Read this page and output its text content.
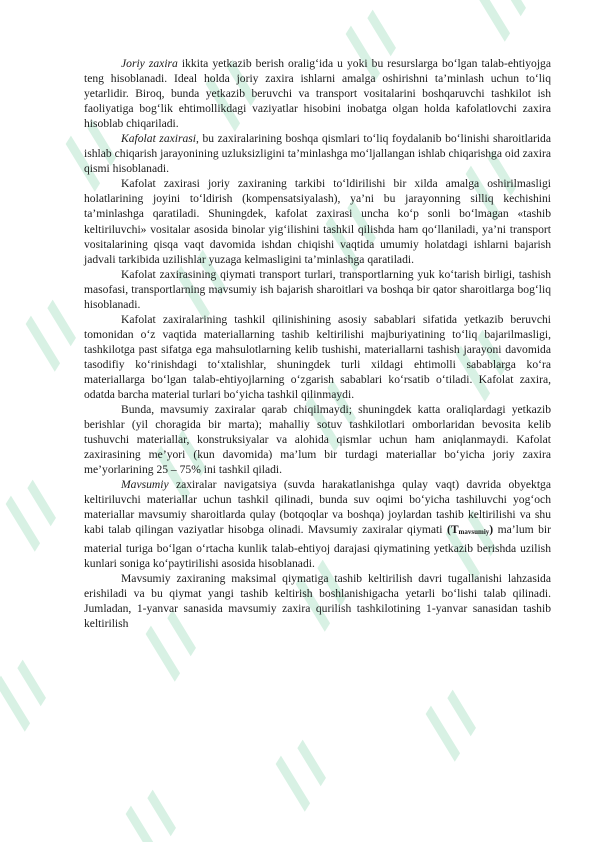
Joriy zaxira ikkita yetkazib berish oralig‘ida u yoki bu resurslarga bo‘lgan talab-ehtiyojga teng hisoblanadi. Ideal holda joriy zaxira ishlarni amalga oshirishni ta’minlash uchun to‘liq yetarlidir. Biroq, bunda yetkazib beruvchi va transport vositalarini boshqaruvchi tashkilot ish faoliyatiga bog‘lik ehtimollikdagi vaziyatlar hisobini inobatga olgan holda kafolatlovchi zaxira hisoblab chiqariladi.

Kafolat zaxirasi, bu zaxiralarining boshqa qismlari to‘liq foydalanib bo‘linishi sharoitlarida ishlab chiqarish jarayonining uzluksizligini ta’minlashga mo‘ljallangan ishlab chiqarishga oid zaxira qismi hisoblanadi.

Kafolat zaxirasi joriy zaxiraning tarkibi to‘ldirilishi bir xilda amalga oshirilmasligi holatlarining joyini to‘ldirish (kompensatsiyalash), ya’ni bu jarayonning silliq kechishini ta’minlashga qaratiladi. Shuningdek, kafolat zaxirasi uncha ko‘p sonli bo‘lmagan «tashib keltiriluvchi» vositalar asosida binolar yig‘ilishini tashkil qilishda ham qo‘llaniladi, ya’ni transport vositalarining qisqa vaqt davomida ishdan chiqishi vaqtida umumiy holatdagi ishlarni bajarish jadvali tarkibida uzilishlar yuzaga kelmasligini ta’minlashga qaratiladi.

Kafolat zaxirasining qiymati transport turlari, transportlarning yuk ko‘tarish birligi, tashish masofasi, transportlarning mavsumiy ish bajarish sharoitlari va boshqa bir qator sharoitlarga bog‘liq hisoblanadi.

Kafolat zaxiralarining tashkil qilinishining asosiy sabablari sifatida yetkazib beruvchi tomonidan o‘z vaqtida materiallarning tashib keltirilishi majburiyatining to‘liq bajarilmasligi, tashkilotga past sifatga ega mahsulotlarning kelib tushishi, materiallarni tashish jarayoni davomida tasodifiy ko‘rinishdagi to‘xtalishlar, shuningdek turli xildagi ehtimolli sabablarga ko‘ra materiallarga bo‘lgan talab-ehtiyojlarning o‘zgarish sabablari ko‘rsatib o‘tiladi. Kafolat zaxira, odatda barcha material turlari bo‘yicha tashkil qilinmaydi.

Bunda, mavsumiy zaxiralar qarab chiqilmaydi; shuningdek katta oraliqlardagi yetkazib berishlar (yil choragida bir marta); mahalliy sotuv tashkilotlari omborlaridan bevosita kelib tushuvchi materiallar, konstruksiyalar va alohida qismlar uchun ham aniqlanmaydi. Kafolat zaxirasining me’yori (kun davomida) ma’lum bir turdagi materiallar bo‘yicha joriy zaxira me’yorlarining 25 – 75% ini tashkil qiladi.

Mavsumiy zaxiralar navigatsiya (suvda harakatlanishga qulay vaqt) davrida obyektga keltiriluvchi materiallar uchun tashkil qilinadi, bunda suv oqimi bo‘yicha tashiluvchi yog‘och materiallar mavsumiy sharoitlarda qulay (botqoqlar va boshqa) joylardan tashib keltirilishi va shu kabi talab qilingan vaziyatlar hisobga olinadi. Mavsumiy zaxiralar qiymati (Tmavsumiy) ma’lum bir material turiga bo‘lgan o‘rtacha kunlik talab-ehtiyoj darajasi qiymatining yetkazib berishda uzilish kunlari soniga ko‘paytirilishi asosida hisoblanadi.

Mavsumiy zaxiraning maksimal qiymatiga tashib keltirilish davri tugallanishi lahzasida erishiladi va bu qiymat yangi tashib keltirish boshlanishigacha yetarli bo‘lishi talab qilinadi. Jumladan, 1-yanvar sanasida mavsumiy zaxira qurilish tashkilotining 1-yanvar sanasidan tashib keltirilish
